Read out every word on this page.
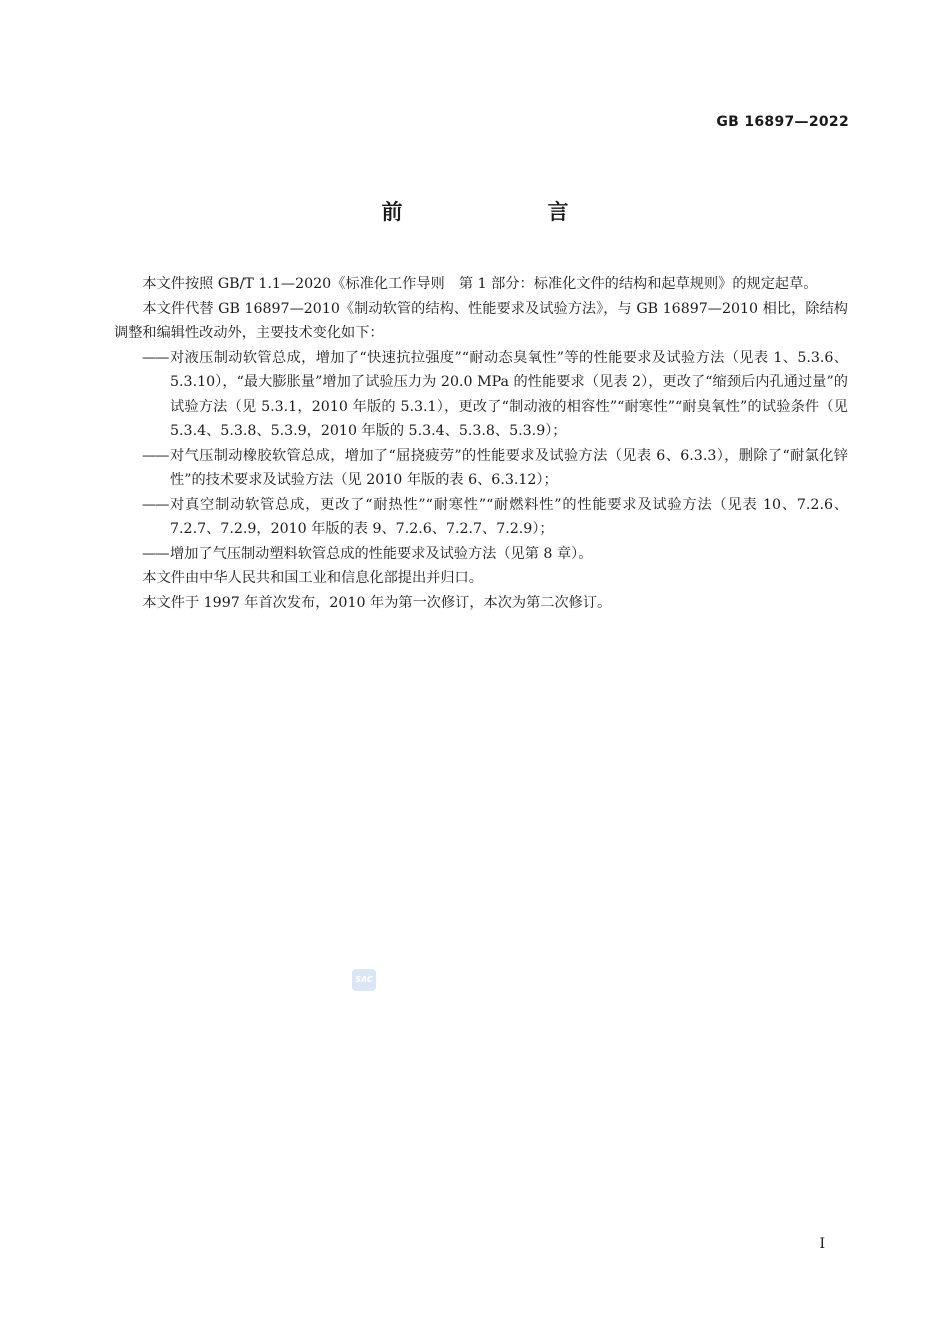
GB 16897—2022
前　言

本文件按照 GB/T 1.1—2020《标准化工作导则　第 1 部分：标准化文件的结构和起草规则》的规定起草。

本文件代替 GB 16897—2010《制动软管的结构、性能要求及试验方法》，与 GB 16897—2010 相比，除结构调整和编辑性改动外，主要技术变化如下：

—— 对液压制动软管总成，增加了“快速抗拉强度”“耐动态臭氧性”等的性能要求及试验方法（见表 1、5.3.6、5.3.10），“最大膨胀量”增加了试验压力为 20.0 MPa 的性能要求（见表 2），更改了“缩颈后内孔通过量”的试验方法（见 5.3.1，2010 年版的 5.3.1），更改了“制动液的相容性”“耐寒性”“耐臭氧性”的试验条件（见 5.3.4、5.3.8、5.3.9，2010 年版的 5.3.4、5.3.8、5.3.9）；
—— 对气压制动橡胶软管总成，增加了“屈挠疲劳”的性能要求及试验方法（见表 6、6.3.3），删除了“耐氯化锌性”的技术要求及试验方法（见 2010 年版的表 6、6.3.12）；
—— 对真空制动软管总成，更改了“耐热性”“耐寒性”“耐燃料性”的性能要求及试验方法（见表 10、7.2.6、7.2.7、7.2.9，2010 年版的表 9、7.2.6、7.2.7、7.2.9）；
—— 增加了气压制动塑料软管总成的性能要求及试验方法（见第 8 章）。

本文件由中华人民共和国工业和信息化部提出并归口。

本文件于 1997 年首次发布，2010 年为第一次修订，本次为第二次修订。

SAC
I
